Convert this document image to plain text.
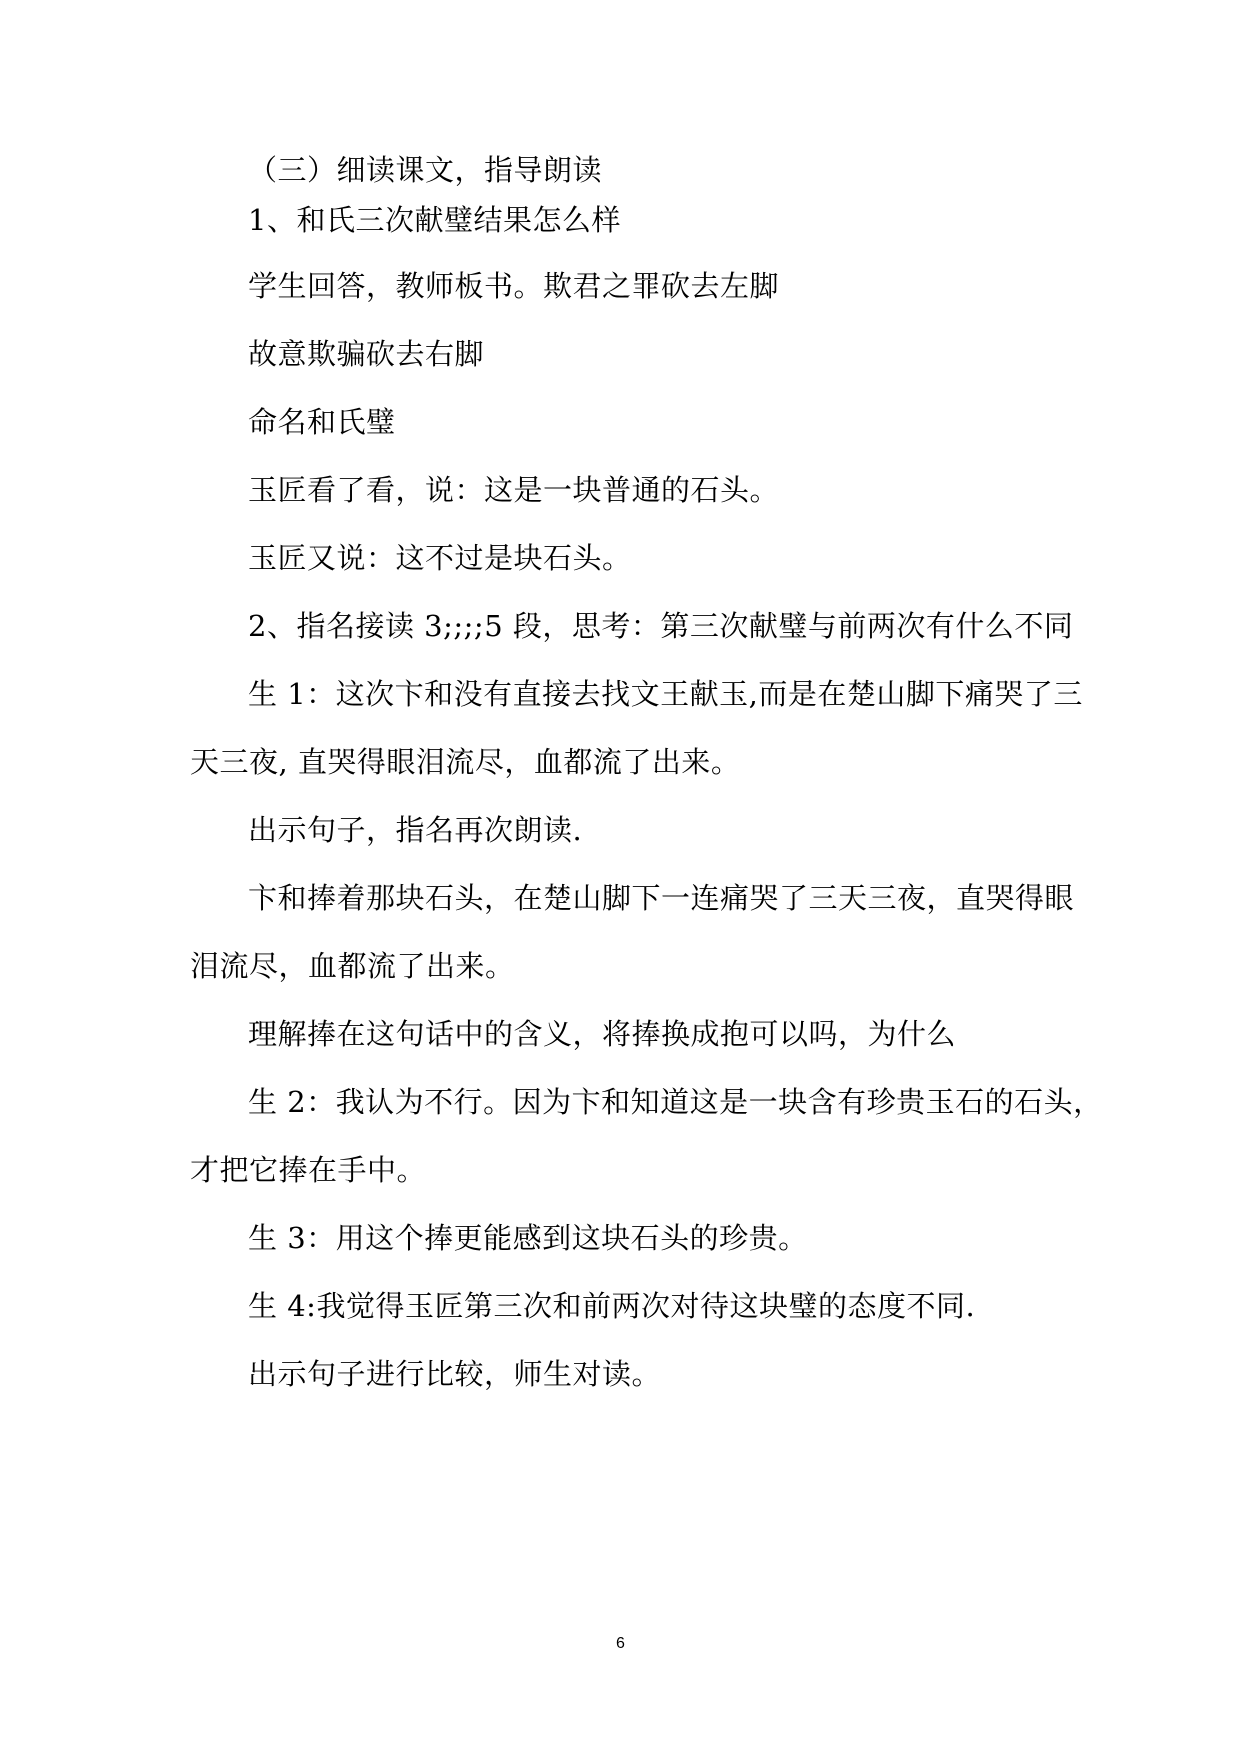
（三）细读课文，指导朗读
1、和氏三次献璧结果怎么样
学生回答，教师板书。欺君之罪砍去左脚
故意欺骗砍去右脚
命名和氏璧
玉匠看了看，说：这是一块普通的石头。
玉匠又说：这不过是块石头。
2、指名接读 3;;;;5 段，思考：第三次献璧与前两次有什么不同
生 1：这次卞和没有直接去找文王献玉,而是在楚山脚下痛哭了三
天三夜, 直哭得眼泪流尽，血都流了出来。
出示句子，指名再次朗读.
卞和捧着那块石头，在楚山脚下一连痛哭了三天三夜，直哭得眼
泪流尽，血都流了出来。
理解捧在这句话中的含义，将捧换成抱可以吗，为什么
生 2：我认为不行。因为卞和知道这是一块含有珍贵玉石的石头，
才把它捧在手中。
生 3：用这个捧更能感到这块石头的珍贵。
生 4:我觉得玉匠第三次和前两次对待这块璧的态度不同.
出示句子进行比较，师生对读。
6
